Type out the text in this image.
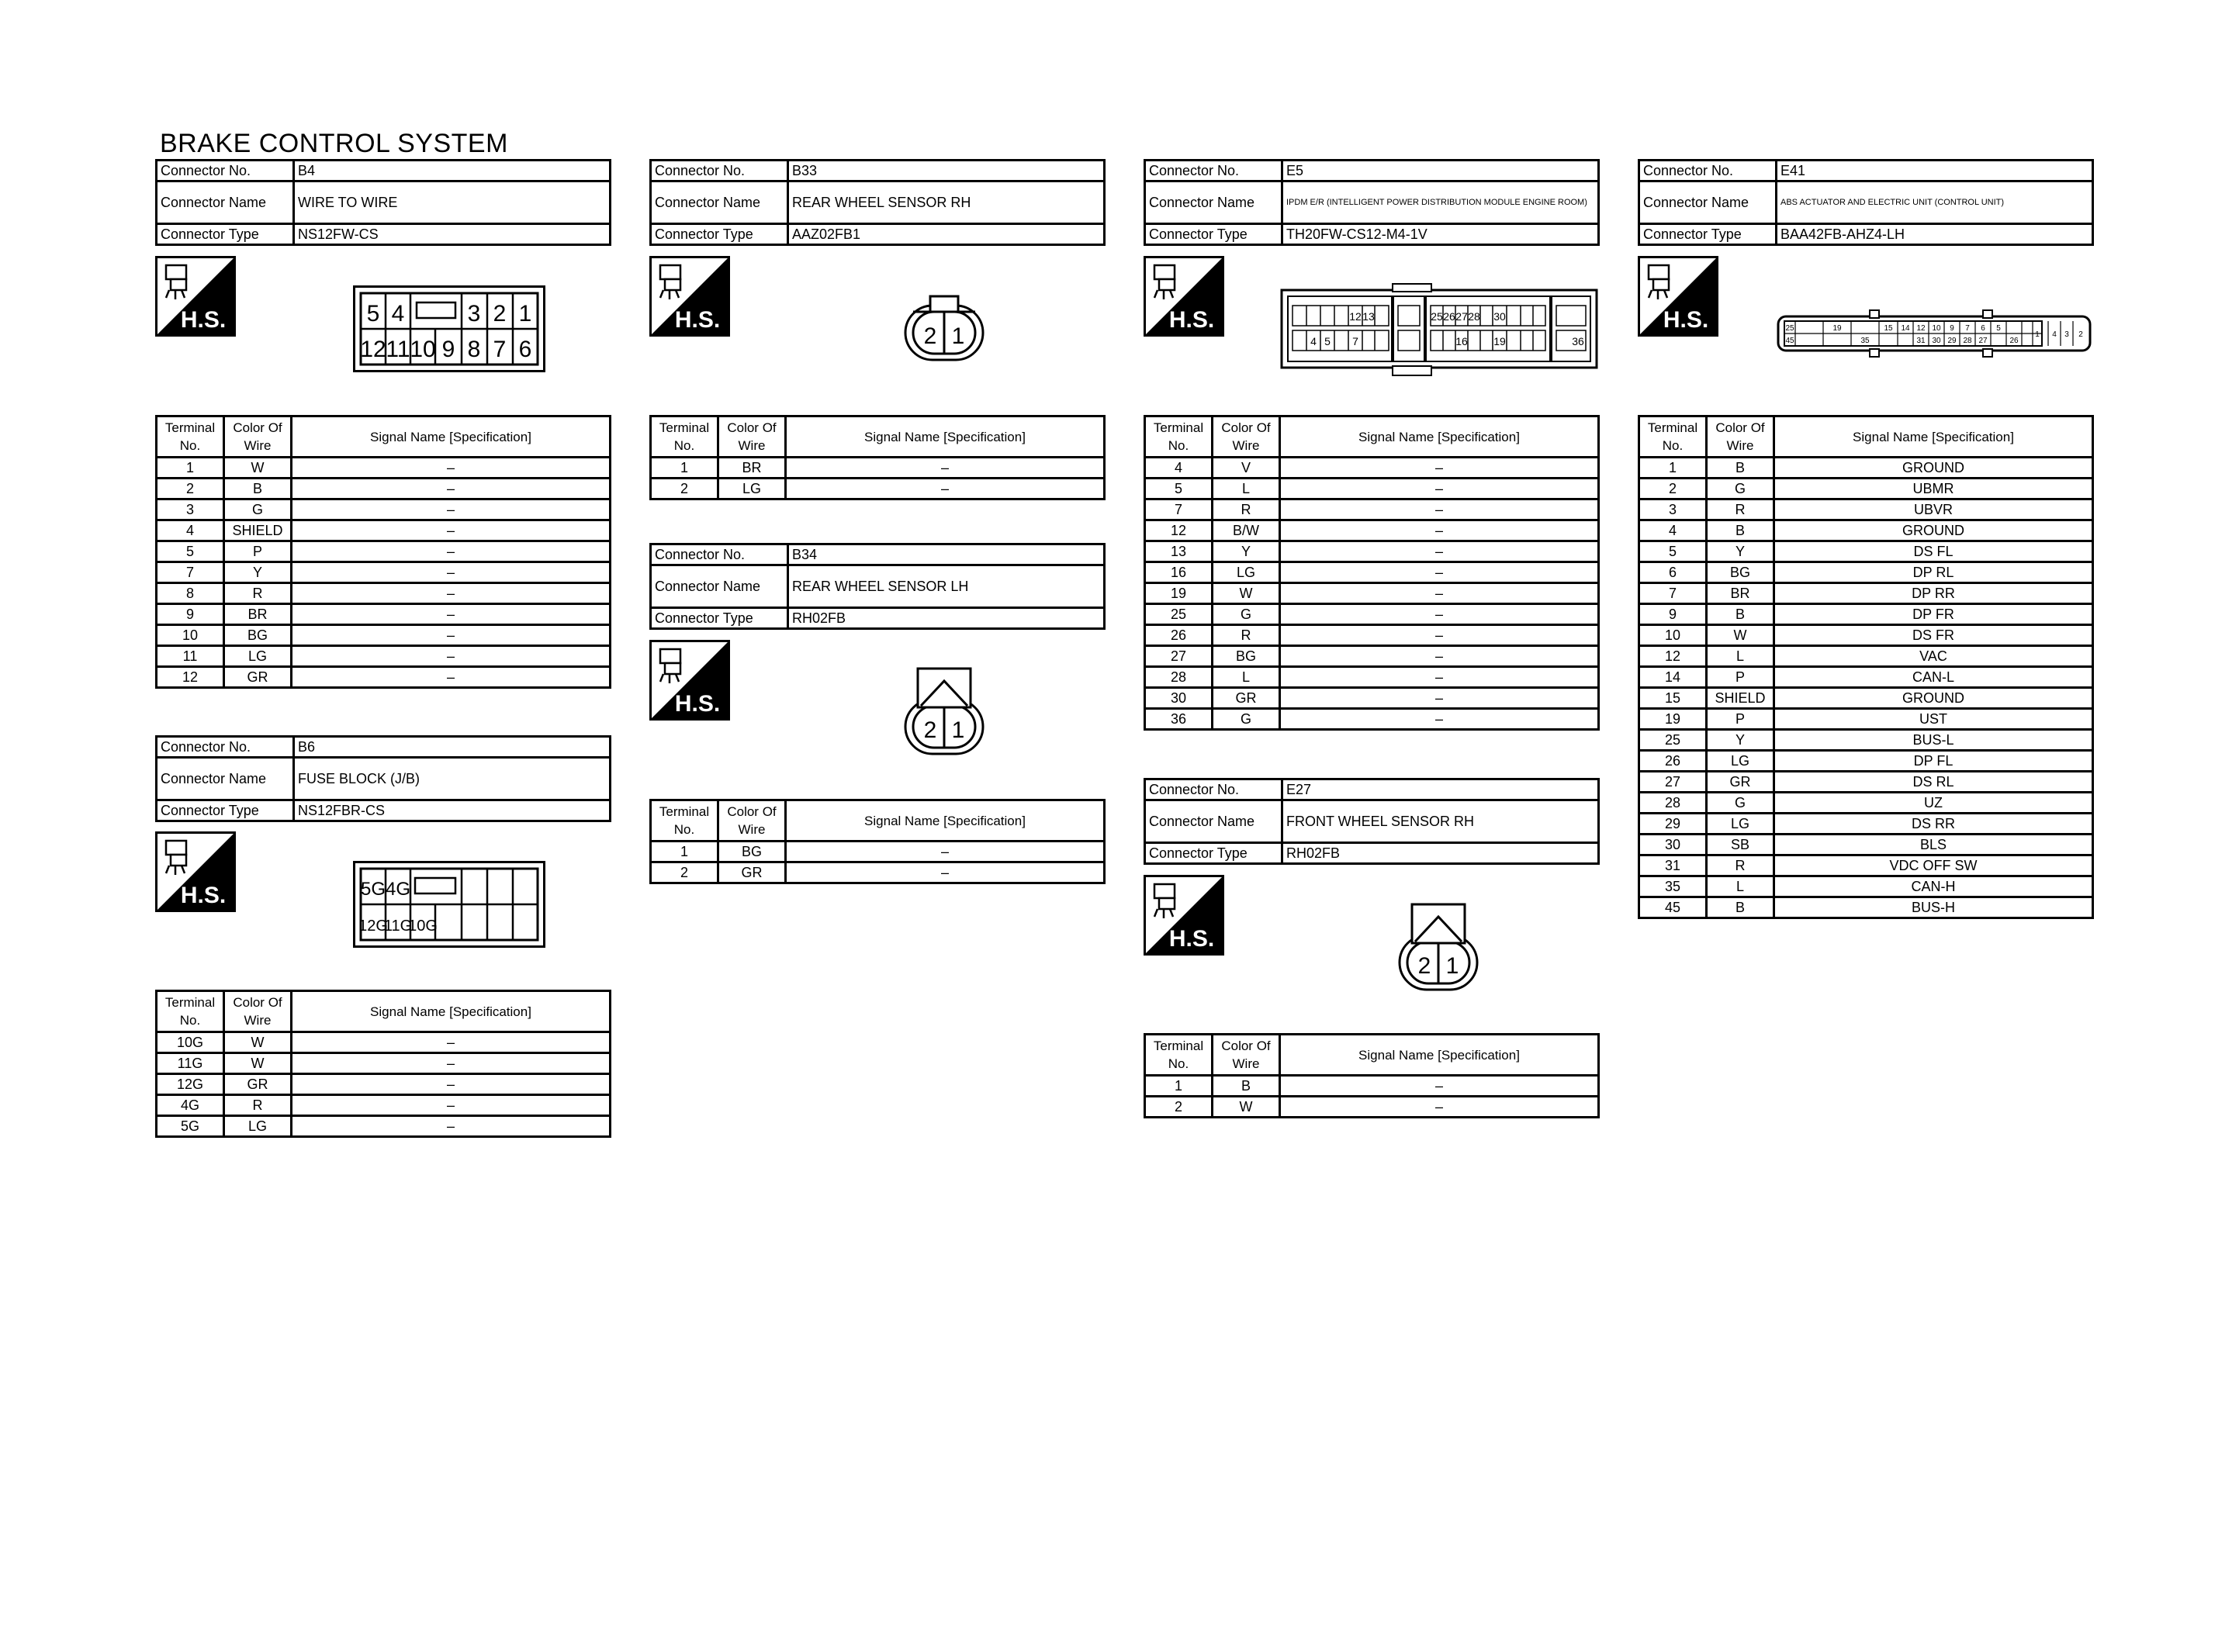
BRAKE CONTROL SYSTEM
Connector No.	B4
Connector Name	WIRE TO WIRE
Connector Type	NS12FW-CS
H.S.	5 4	3 2 1
12 11 10 9 8 7 6
Terminal
No.	Color Of
Wire	Signal Name [Specification]
1	W	–
2	B	–
3	G	–
4	SHIELD	–
5	P	–
7	Y	–
8	R	–
9	BR	–
10	BG	–
11	LG	–
12	GR	–
Connector No.	B6
Connector Name	FUSE BLOCK (J/B)
Connector Type	NS12FBR-CS
H.S.	5G 4G
12G
11G
10G
Terminal
No.	Color Of
Wire	Signal Name [Specification]
10G	W	–
11G	W	–
12G	GR	–
4G	R	–
5G	LG	–
Connector No.	B33
Connector Name	REAR WHEEL SENSOR RH
Connector Type	AAZ02FB1
H.S.
2 1
Terminal
No.	Color Of
Wire	Signal Name [Specification]
1	BR	–
2	LG	–
Connector No.	B34
Connector Name	REAR WHEEL SENSOR LH
Connector Type	RH02FB
H.S.
2 1
Terminal
No.	Color Of
Wire	Signal Name [Specification]
1	BG	–
2	GR	–
Connector No.	E5
Connector Name	IPDM E/R (INTELLIGENT POWER DISTRIBUTION MODULE ENGINE ROOM)
Connector Type	TH20FW-CS12-M4-1V
H.S.	12 13	25 26 27 28 30
4 5 7	16 19	36
Terminal
No.	Color Of
Wire	Signal Name [Specification]
4	V	–
5	L	–
7	R	–
12	B/W	–
13	Y	–
16	LG	–
19	W	–
25	G	–
26	R	–
27	BG	–
28	L	–
30	GR	–
36	G	–
Connector No.	E27
Connector Name	FRONT WHEEL SENSOR RH
Connector Type	RH02FB
H.S.
2 1
Terminal
No.	Color Of
Wire	Signal Name [Specification]
1	B	–
2	W	–
Connector No.	E41
Connector Name	ABS ACTUATOR AND ELECTRIC UNIT (CONTROL UNIT)
Connector Type	BAA42FB-AHZ4-LH
H.S.	25	19	15 14 12 10 9 7 6 5
4 3 2
1
45	35	31 30 29 28 27	26
Terminal
No.	Color Of
Wire	Signal Name [Specification]
1	B	GROUND
2	G	UBMR
3	R	UBVR
4	B	GROUND
5	Y	DS FL
6	BG	DP RL
7	BR	DP RR
9	B	DP FR
10	W	DS FR
12	L	VAC
14	P	CAN-L
15	SHIELD	GROUND
19	P	UST
25	Y	BUS-L
26	LG	DP FL
27	GR	DS RL
28	G	UZ
29	LG	DS RR
30	SB	BLS
31	R	VDC OFF SW
35	L	CAN-H
45	B	BUS-H
